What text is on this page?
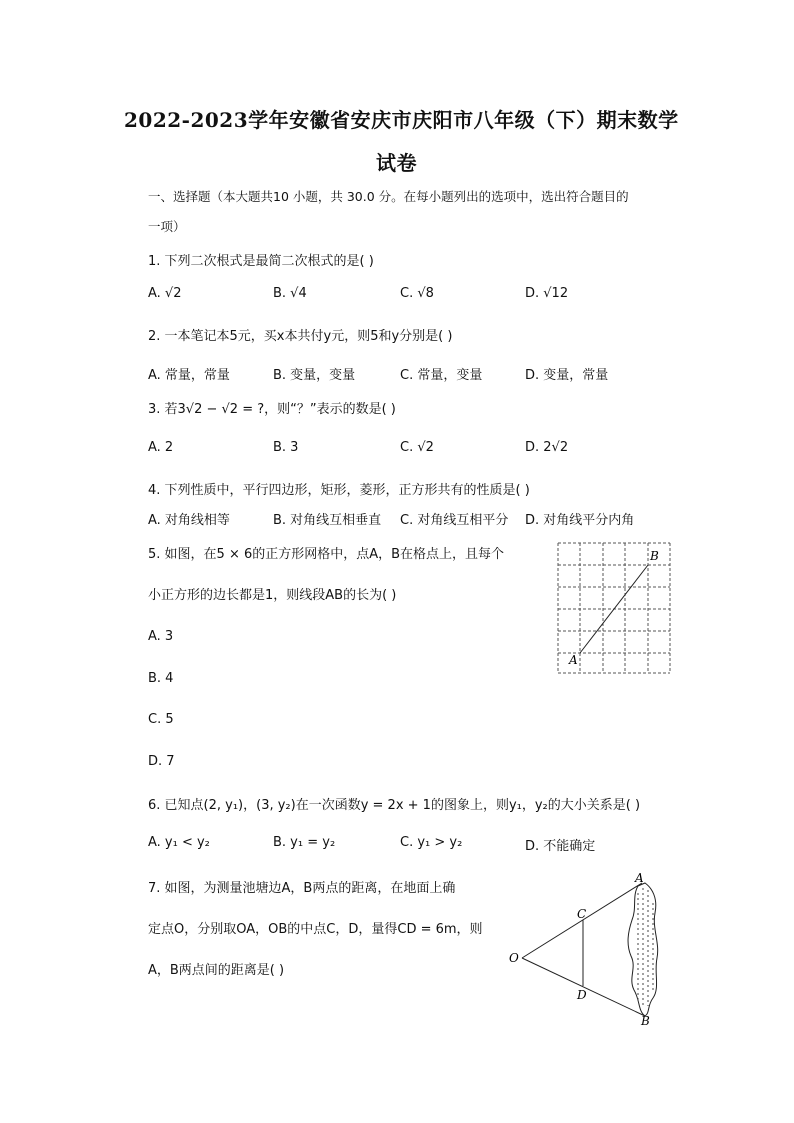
2022-2023学年安徽省安庆市庆阳市八年级（下）期末数学
试卷
一、选择题（本大题共10 小题，共 30.0 分。在每小题列出的选项中，选出符合题目的
一项）
1. 下列二次根式是最简二次根式的是( )
A. √2	B. √4	C. √8	D. √12
2. 一本笔记本5元，买x本共付y元，则5和y分别是( )
A. 常量，常量	B. 变量，变量	C. 常量，变量	D. 变量，常量
3. 若3√2 − √2 = ?，则“？”表示的数是( )
A. 2	B. 3	C. √2	D. 2√2
4. 下列性质中，平行四边形，矩形，菱形，正方形共有的性质是( )
A. 对角线相等	B. 对角线互相垂直 C. 对角线互相平分 D. 对角线平分内角
5. 如图，在5 × 6的正方形网格中，点A，B在格点上，且每个
小正方形的边长都是1，则线段AB的长为( )
A. 3
B. 4
C. 5
D. 7
A
B
6. 已知点(2, y₁)，(3, y₂)在一次函数y = 2x + 1的图象上，则y₁，y₂的大小关系是( )
A. y₁ < y₂	B. y₁ = y₂	C. y₁ > y₂	D. 不能确定
7. 如图，为测量池塘边A，B两点的距离，在地面上确
定点O，分别取OA，OB的中点C，D，量得CD = 6m，则
A，B两点间的距离是( )
A
B
C
D
O
